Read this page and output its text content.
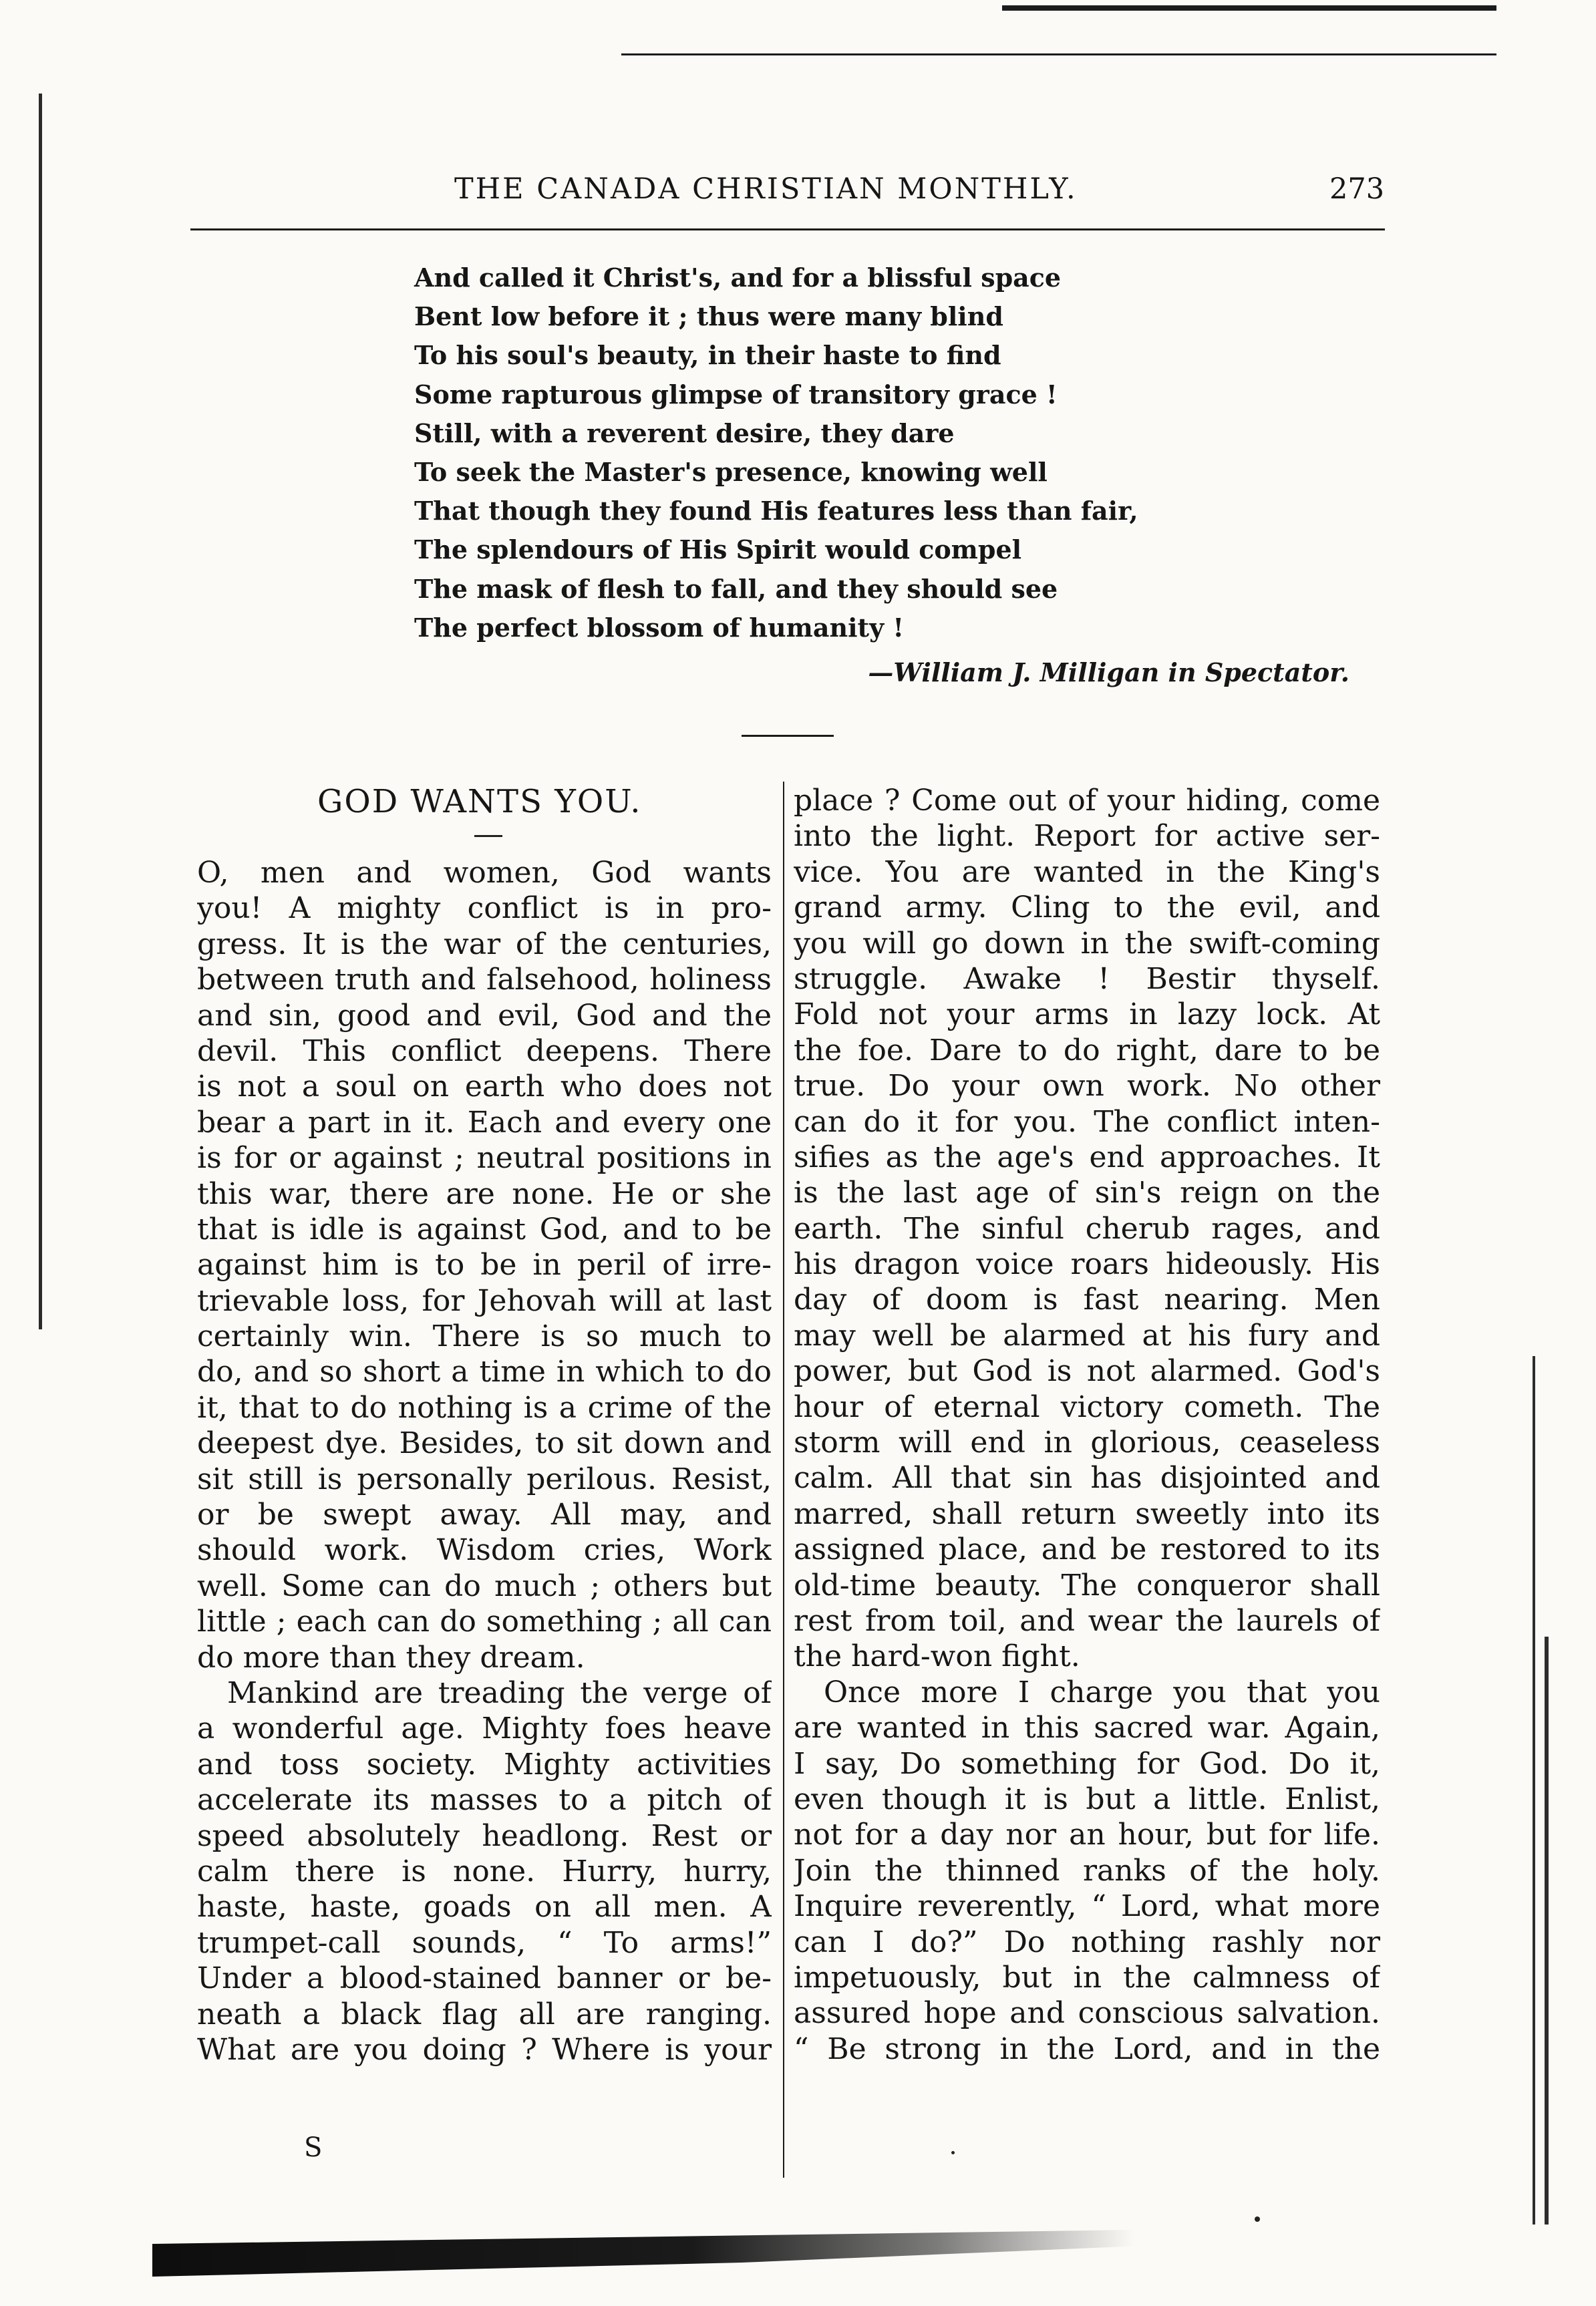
THE CANADA CHRISTIAN MONTHLY.	273
And called it Christ's, and for a blissful space
Bent low before it ; thus were many blind
To his soul's beauty, in their haste to find
Some rapturous glimpse of transitory grace !
Still, with a reverent desire, they dare
To seek the Master's presence, knowing well
That though they found His features less than fair,
The splendours of His Spirit would compel
The mask of flesh to fall, and they should see
The perfect blossom of humanity !
—William J. Milligan in Spectator.
GOD WANTS YOU.
O, men and women, God wants
you! A mighty conflict is in pro-
gress. It is the war of the centuries,
between truth and falsehood, holiness
and sin, good and evil, God and the
devil. This conflict deepens. There
is not a soul on earth who does not
bear a part in it. Each and every one
is for or against ; neutral positions in
this war, there are none. He or she
that is idle is against God, and to be
against him is to be in peril of irre-
trievable loss, for Jehovah will at last
certainly win. There is so much to
do, and so short a time in which to do
it, that to do nothing is a crime of the
deepest dye. Besides, to sit down and
sit still is personally perilous. Resist,
or be swept away. All may, and
should work. Wisdom cries, Work
well. Some can do much ; others but
little ; each can do something ; all can
do more than they dream.
Mankind are treading the verge of
a wonderful age. Mighty foes heave
and toss society. Mighty activities
accelerate its masses to a pitch of
speed absolutely headlong. Rest or
calm there is none. Hurry, hurry,
haste, haste, goads on all men. A
trumpet-call sounds, “ To arms!”
Under a blood-stained banner or be-
neath a black flag all are ranging.
What are you doing ? Where is your
place ? Come out of your hiding, come
into the light. Report for active ser-
vice. You are wanted in the King's
grand army. Cling to the evil, and
you will go down in the swift-coming
struggle. Awake ! Bestir thyself.
Fold not your arms in lazy lock. At
the foe. Dare to do right, dare to be
true. Do your own work. No other
can do it for you. The conflict inten-
sifies as the age's end approaches. It
is the last age of sin's reign on the
earth. The sinful cherub rages, and
his dragon voice roars hideously. His
day of doom is fast nearing. Men
may well be alarmed at his fury and
power, but God is not alarmed. God's
hour of eternal victory cometh. The
storm will end in glorious, ceaseless
calm. All that sin has disjointed and
marred, shall return sweetly into its
assigned place, and be restored to its
old-time beauty. The conqueror shall
rest from toil, and wear the laurels of
the hard-won fight.
Once more I charge you that you
are wanted in this sacred war. Again,
I say, Do something for God. Do it,
even though it is but a little. Enlist,
not for a day nor an hour, but for life.
Join the thinned ranks of the holy.
Inquire reverently, “ Lord, what more
can I do?” Do nothing rashly nor
impetuously, but in the calmness of
assured hope and conscious salvation.
“ Be strong in the Lord, and in the
S
